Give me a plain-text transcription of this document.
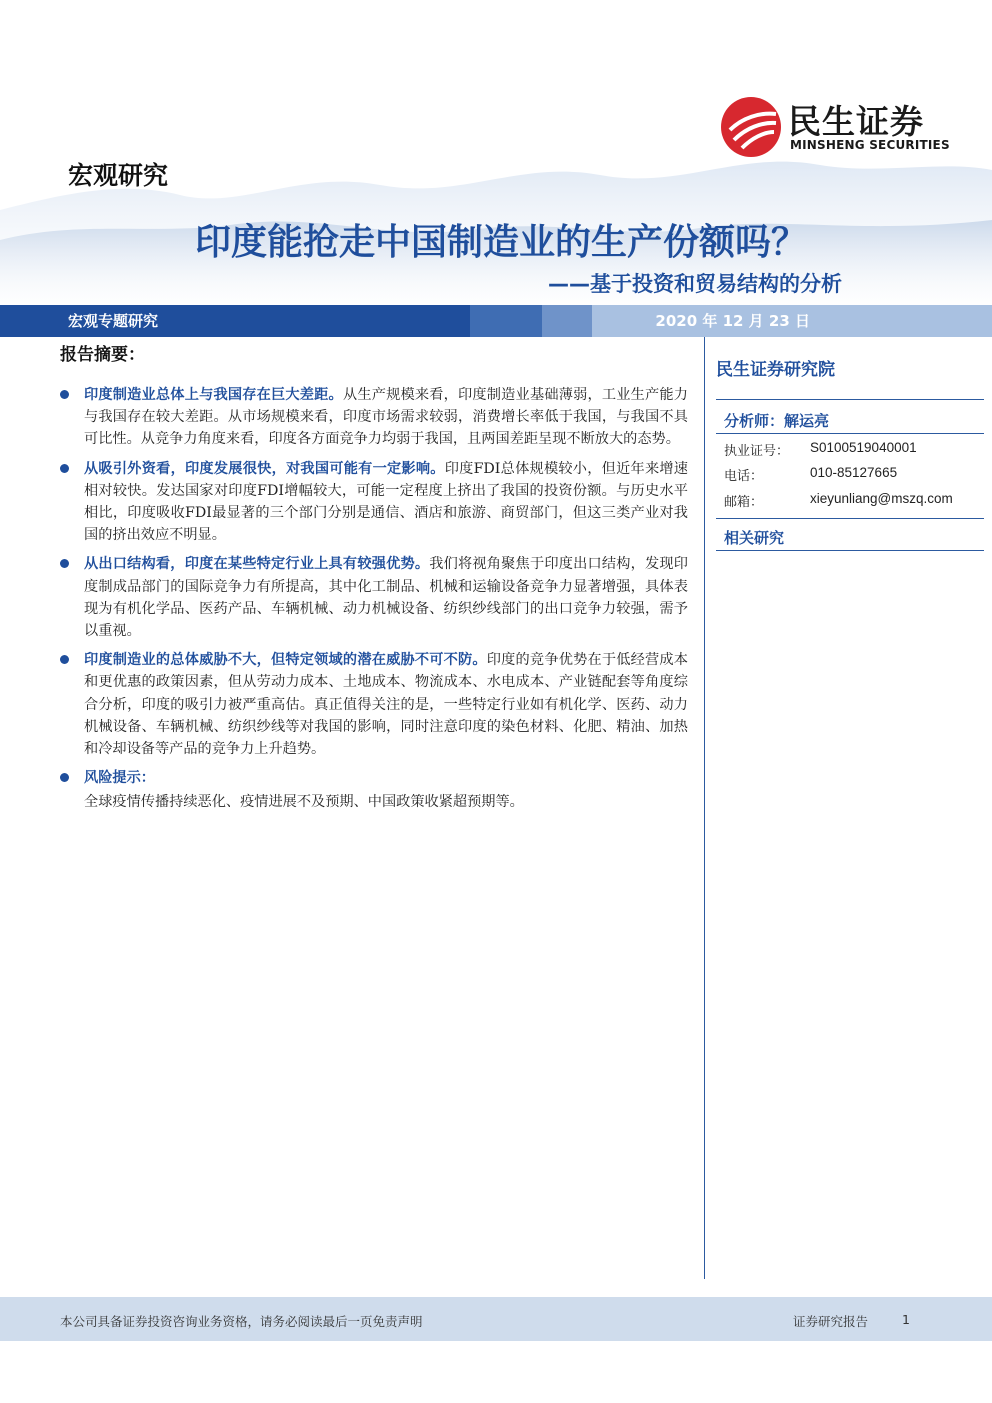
民生证券
MINSHENG SECURITIES
宏观研究
印度能抢走中国制造业的生产份额吗？
——基于投资和贸易结构的分析
宏观专题研究	2020 年 12 月 23 日
报告摘要：

印度制造业总体上与我国存在巨大差距。从生产规模来看，印度制造业基础薄弱，工业生产能力与我国存在较大差距。从市场规模来看，印度市场需求较弱，消费增长率低于我国，与我国不具可比性。从竞争力角度来看，印度各方面竞争力均弱于我国，且两国差距呈现不断放大的态势。

从吸引外资看，印度发展很快，对我国可能有一定影响。印度FDI总体规模较小，但近年来增速相对较快。发达国家对印度FDI增幅较大，可能一定程度上挤出了我国的投资份额。与历史水平相比，印度吸收FDI最显著的三个部门分别是通信、酒店和旅游、商贸部门，但这三类产业对我国的挤出效应不明显。

从出口结构看，印度在某些特定行业上具有较强优势。我们将视角聚焦于印度出口结构，发现印度制成品部门的国际竞争力有所提高，其中化工制品、机械和运输设备竞争力显著增强，具体表现为有机化学品、医药产品、车辆机械、动力机械设备、纺织纱线部门的出口竞争力较强，需予以重视。

印度制造业的总体威胁不大，但特定领域的潜在威胁不可不防。印度的竞争优势在于低经营成本和更优惠的政策因素，但从劳动力成本、土地成本、物流成本、水电成本、产业链配套等角度综合分析，印度的吸引力被严重高估。真正值得关注的是，一些特定行业如有机化学、医药、动力机械设备、车辆机械、纺织纱线等对我国的影响，同时注意印度的染色材料、化肥、精油、加热和冷却设备等产品的竞争力上升趋势。

风险提示：

全球疫情传播持续恶化、疫情进展不及预期、中国政策收紧超预期等。
民生证券研究院
分析师：解运亮
执业证号： S0100519040001
电话：	010-85127665
邮箱：	xieyunliang@mszq.com
相关研究
本公司具备证券投资咨询业务资格，请务必阅读最后一页免责声明	证券研究报告	1
